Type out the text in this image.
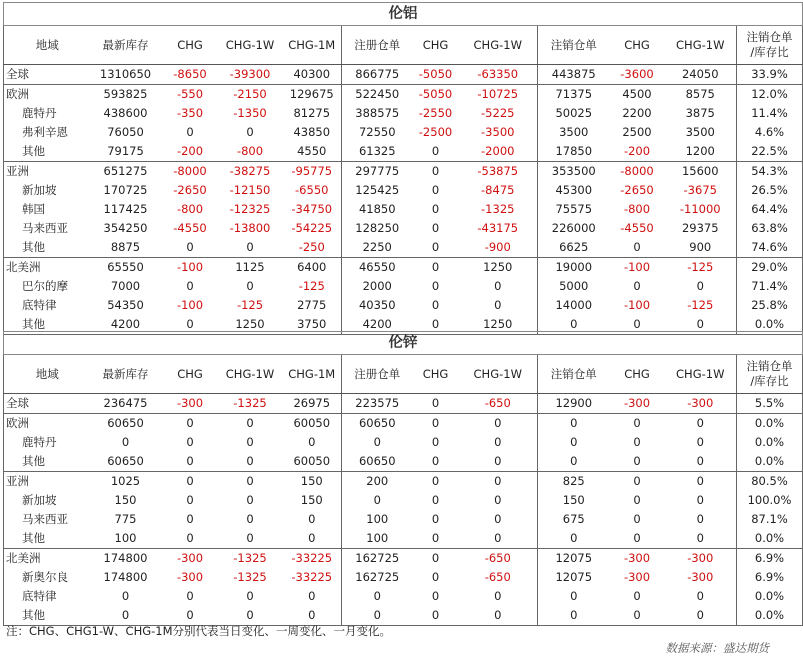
伦铝											
地域	最新库存	CHG	CHG-1W	CHG-1M	注册仓单	CHG	CHG-1W	注销仓单	CHG	CHG-1W	注销仓单
/库存比
全球	1310650	-8650	-39300	40300	866775	-5050	-63350	443875	-3600	24050	33.9%
欧洲	593825	-550	-2150	129675	522450	-5050	-10725	71375	4500	8575	12.0%
鹿特丹	438600	-350	-1350	81275	388575	-2550	-5225	50025	2200	3875	11.4%
弗利辛恩	76050	0	0	43850	72550	-2500	-3500	3500	2500	3500	4.6%
其他	79175	-200	-800	4550	61325	0	-2000	17850	-200	1200	22.5%
亚洲	651275	-8000	-38275	-95775	297775	0	-53875	353500	-8000	15600	54.3%
新加坡	170725	-2650	-12150	-6550	125425	0	-8475	45300	-2650	-3675	26.5%
韩国	117425	-800	-12325	-34750	41850	0	-1325	75575	-800	-11000	64.4%
马来西亚	354250	-4550	-13800	-54225	128250	0	-43175	226000	-4550	29375	63.8%
其他	8875	0	0	-250	2250	0	-900	6625	0	900	74.6%
北美洲	65550	-100	1125	6400	46550	0	1250	19000	-100	-125	29.0%
巴尔的摩	7000	0	0	-125	2000	0	0	5000	0	0	71.4%
底特律	54350	-100	-125	2775	40350	0	0	14000	-100	-125	25.8%
其他	4200	0	1250	3750	4200	0	1250	0	0	0	0.0%
伦锌											
地域	最新库存	CHG	CHG-1W	CHG-1M	注册仓单	CHG	CHG-1W	注销仓单	CHG	CHG-1W	注销仓单
/库存比
全球	236475	-300	-1325	26975	223575	0	-650	12900	-300	-300	5.5%
欧洲	60650	0	0	60050	60650	0	0	0	0	0	0.0%
鹿特丹	0	0	0	0	0	0	0	0	0	0	0.0%
其他	60650	0	0	60050	60650	0	0	0	0	0	0.0%
亚洲	1025	0	0	150	200	0	0	825	0	0	80.5%
新加坡	150	0	0	150	0	0	0	150	0	0	100.0%
马来西亚	775	0	0	0	100	0	0	675	0	0	87.1%
其他	100	0	0	0	100	0	0	0	0	0	0.0%
北美洲	174800	-300	-1325	-33225	162725	0	-650	12075	-300	-300	6.9%
新奥尔良	174800	-300	-1325	-33225	162725	0	-650	12075	-300	-300	6.9%
底特律	0	0	0	0	0	0	0	0	0	0	0.0%
其他	0	0	0	0	0	0	0	0	0	0	0.0%
注：CHG、CHG1-W、CHG-1M分别代表当日变化、一周变化、一月变化。
数据来源：盛达期货
